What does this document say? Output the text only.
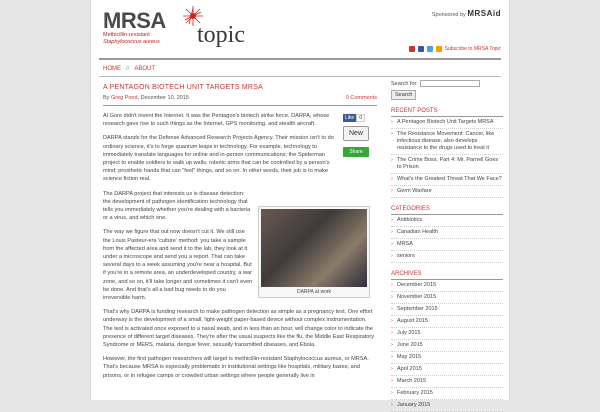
MRSA
topic
Methicillin-resistant
Staphylococcus aureus
Sponsored by MRSAid
Subscribe to MRSA Topic
HOME // ABOUT
A PENTAGON BIOTECH UNIT TARGETS MRSA
By Greg Pond, December 10, 2015	0 Comments

Al Gore didn't invent the Internet. It was the Pentagon's biotech strike force, DARPA, whose research gave rise to such things as the Internet, GPS monitoring, and stealth aircraft.

DARPA stands for the Defense Advanced Research Projects Agency. Their mission isn't to do ordinary science, it's to forge quantum leaps in technology. For example, technology to immediately translate languages for online and in-person communications; the Spiderman project to enable soldiers to walk up walls; robotic arms that can be controlled by a person's mind; prosthetic hands that can "feel" things, and so on. In other words, their job is to make science fiction real.

The DARPA project that interests us is disease detection: the development of pathogen identification technology that tells you immediately whether you're dealing with a bacteria or a virus, and which one.

The way we figure that out now doesn't cut it. We still use the Louis Pasteur-era 'culture' method: you take a sample from the affected area and send it to the lab, they look at it under a microscope and send you a report. That can take several days to a week assuming you're near a hospital. But if you're in a remote area, an underdeveloped country, a war zone, and so on, it'll take longer and sometimes it can't even be done. And that's all a bad bug needs to do you irreversible harm.

That's why DARPA is funding research to make pathogen detection as simple as a pregnancy test. One effort underway is the development of a small, light-weight paper-based device without complex instrumentation. The test is activated once exposed to a nasal swab, and in less than an hour, will change color to indicate the presence of different target diseases. They're after the usual suspects like the flu, the Middle East Respiratory Syndrome or MERS, malaria, dengue fever, sexually transmitted diseases, and Ebola.

However, the first pathogen researchers will target is methicillin-resistant Staphylococcus aureus, or MRSA. That's because MRSA is especially problematic in institutional settings like hospitals, military bases, and prisons, or in refugee camps or crowded urban settings where people generally live in

Like 0
New
Share
DARPA at work
Search for:
Search
RECENT POSTS
› A Pentagon Biotech Unit Targets MRSA
› The Resistance Movement: Cancer, like infectious disease, also develops resistance to the drugs used to treat it
› The Crime Boss, Part 4: Mr. Parnell Goes to Prison
› What's the Greatest Threat That We Face?
› Germ Warfare
CATEGORIES
› Antibiotics
› Canadian Health
› MRSA
› seniors
ARCHIVES
› December 2015
› November 2015
› September 2015
› August 2015
› July 2015
› June 2015
› May 2015
› April 2015
› March 2015
› February 2015
› January 2015
